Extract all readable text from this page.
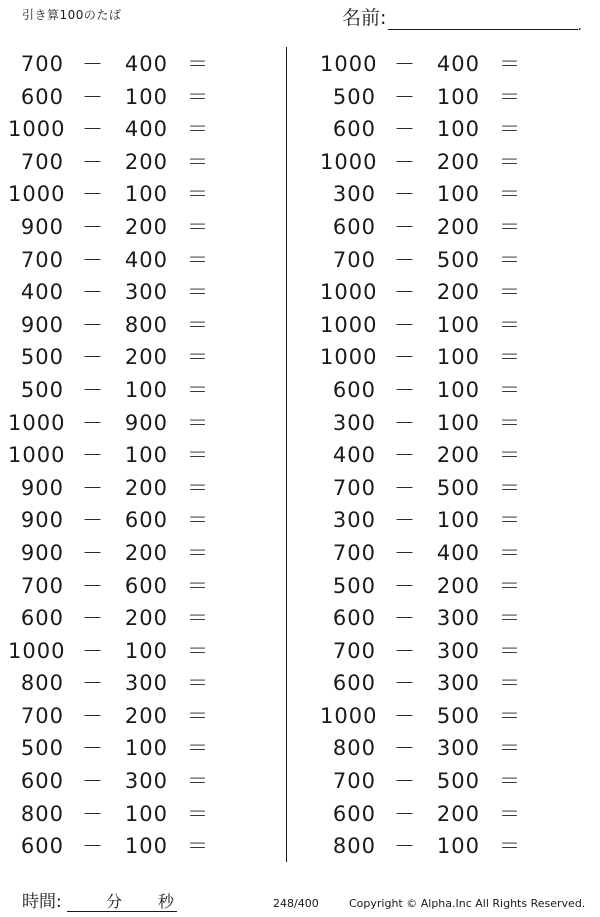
引き算100のたば	名前:	.
700 － 400 ＝
600 － 100 ＝
1000 － 400 ＝
700 － 200 ＝
1000 － 100 ＝
900 － 200 ＝
700 － 400 ＝
400 － 300 ＝
900 － 800 ＝
500 － 200 ＝
500 － 100 ＝
1000 － 900 ＝
1000 － 100 ＝
900 － 200 ＝
900 － 600 ＝
900 － 200 ＝
700 － 600 ＝
600 － 200 ＝
1000 － 100 ＝
800 － 300 ＝
700 － 200 ＝
500 － 100 ＝
600 － 300 ＝
800 － 100 ＝
600 － 100 ＝
1000 － 400 ＝
500 － 100 ＝
600 － 100 ＝
1000 － 200 ＝
300 － 100 ＝
600 － 200 ＝
700 － 500 ＝
1000 － 200 ＝
1000 － 100 ＝
1000 － 100 ＝
600 － 100 ＝
300 － 100 ＝
400 － 200 ＝
700 － 500 ＝
300 － 100 ＝
700 － 400 ＝
500 － 200 ＝
600 － 300 ＝
700 － 300 ＝
600 － 300 ＝
1000 － 500 ＝
800 － 300 ＝
700 － 500 ＝
600 － 200 ＝
800 － 100 ＝
時間:	分 秒	248/400	Copyright © Alpha.Inc All Rights Reserved.
